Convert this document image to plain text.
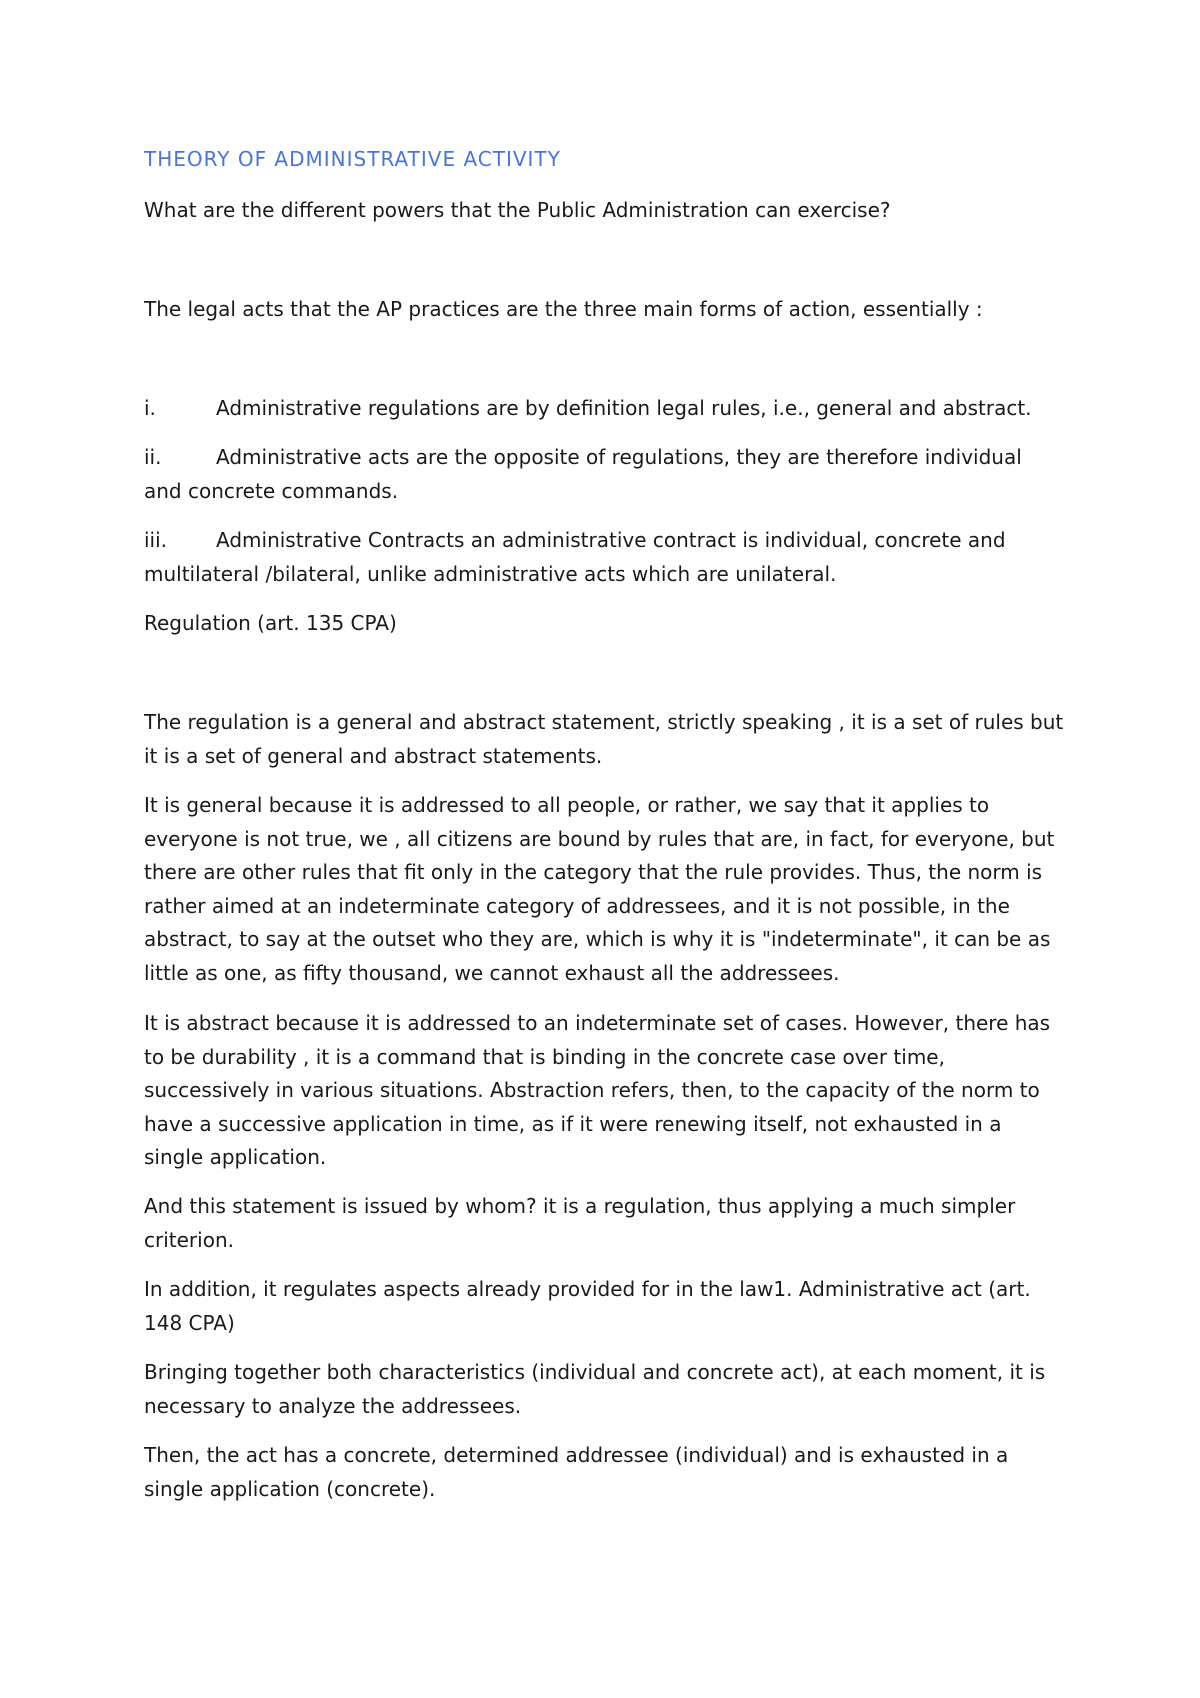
THEORY OF ADMINISTRATIVE ACTIVITY

What are the different powers that the Public Administration can exercise?

The legal acts that the AP practices are the three main forms of action, essentially :

i.	Administrative regulations are by definition legal rules, i.e., general and abstract.

ii.	Administrative acts are the opposite of regulations, they are therefore individual and concrete commands.

iii. Administrative Contracts an administrative contract is individual, concrete and multilateral /bilateral, unlike administrative acts which are unilateral.

Regulation (art. 135 CPA)

The regulation is a general and abstract statement, strictly speaking , it is a set of rules but it is a set of general and abstract statements.

It is general because it is addressed to all people, or rather, we say that it applies to everyone is not true, we , all citizens are bound by rules that are, in fact, for everyone, but there are other rules that fit only in the category that the rule provides. Thus, the norm is rather aimed at an indeterminate category of addressees, and it is not possible, in the abstract, to say at the outset who they are, which is why it is "indeterminate", it can be as little as one, as fifty thousand, we cannot exhaust all the addressees.

It is abstract because it is addressed to an indeterminate set of cases. However, there has to be durability , it is a command that is binding in the concrete case over time, successively in various situations. Abstraction refers, then, to the capacity of the norm to have a successive application in time, as if it were renewing itself, not exhausted in a single application.

And this statement is issued by whom? it is a regulation, thus applying a much simpler criterion.

In addition, it regulates aspects already provided for in the law1. Administrative act (art. 148 CPA)

Bringing together both characteristics (individual and concrete act), at each moment, it is necessary to analyze the addressees.

Then, the act has a concrete, determined addressee (individual) and is exhausted in a single application (concrete).
